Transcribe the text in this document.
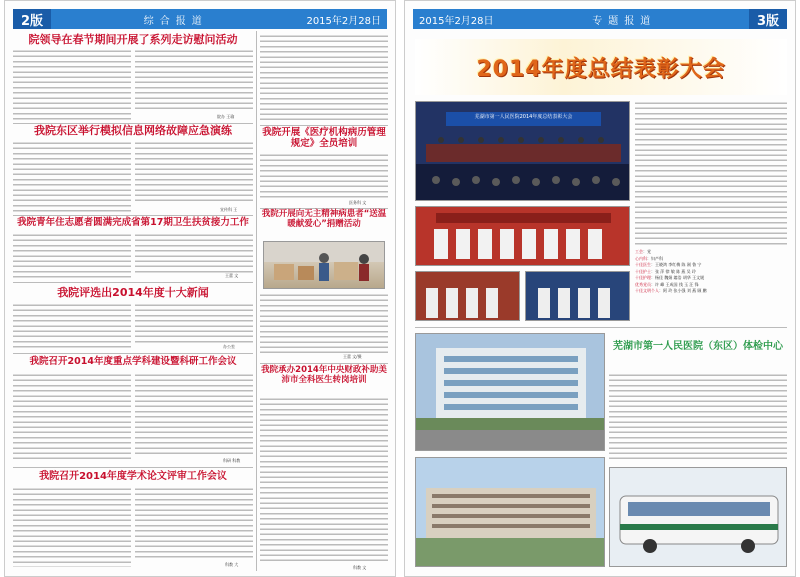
2版	综合报道	2015年2月28日
院领导在春节期间开展了系列走访慰问活动
院办 王瑜
我院东区举行模拟信息网络故障应急演练
宣传科 王
我院青年住志愿者圆满完成省第17期卫生扶贫接力工作
王蕾 文
我院评选出2014年度十大新闻
办公室
我院召开2014年度重点学科建设暨科研工作会议
科研 科教
我院召开2014年度学术论文评审工作会议
科教 大
我院开展《医疗机构病历管理规定》全员培训
医务科 文
我院开展向无主精神病患者“送温暖献爱心”捐赠活动
王蕾 文/摄
我院承办2014年中央财政补助美沛市全科医生转岗培训
科教 文
2015年2月28日	专题报道	3版
2014年度总结表彰大会
芜湖市第一人民医院2014年度总结表彰大会
工会：党
心内科：妇产科
十佳医生：王晓鸿 李红梅 陈 刚 鲁 宁
十佳护士：张 萍 徐 敏 陈 燕 吴 玲
十佳护理：杨佳 魏娟 翁浩 胡华 王文媛
优秀党员：许 峰 王成国 钱 玉 汪 锋
十佳文明个人：阿 玲 张小强 刘 燕 顾 鹏
芜湖市第一人民医院（东区）体检中心
